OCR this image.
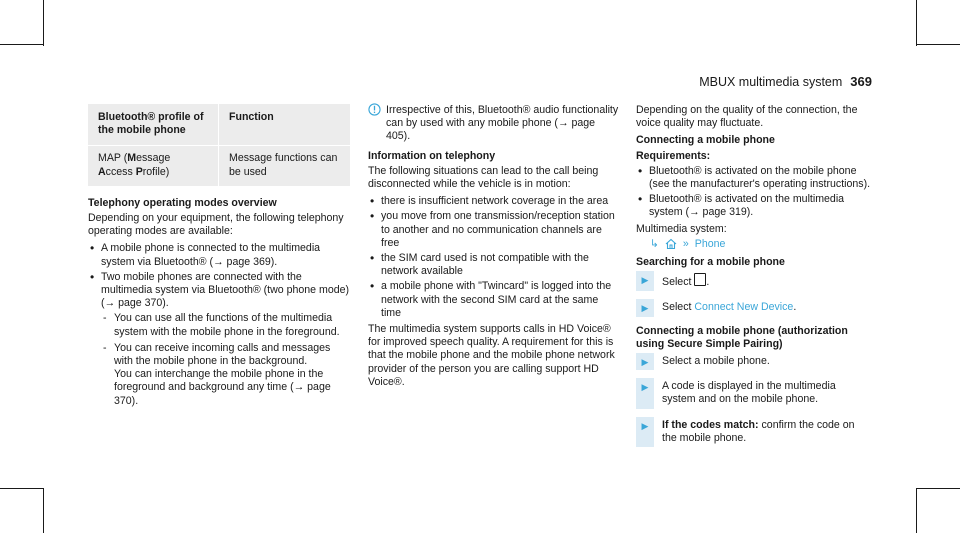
MBUX multimedia system 369
Bluetooth® profile of the mobile phone	Function
MAP (Message
Access Profile)	Message functions can be used
Telephony operating modes overview

Depending on your equipment, the following telephony operating modes are available:

• A mobile phone is connected to the multimedia system via Bluetooth® (→ page 369).
• Two mobile phones are connected with the multimedia system via Bluetooth® (two phone mode) (→ page 370).
- You can use all the functions of the multimedia system with the mobile phone in the foreground.
- You can receive incoming calls and messages with the mobile phone in the background.
You can interchange the mobile phone in the foreground and background any time (→ page 370).
Irrespective of this, Bluetooth® audio functionality can by used with any mobile phone (→ page 405).
Information on telephony

The following situations can lead to the call being disconnected while the vehicle is in motion:

• there is insufficient network coverage in the area
• you move from one transmission/reception station to another and no communication channels are free
• the SIM card used is not compatible with the network available
• a mobile phone with "Twincard" is logged into the network with the second SIM card at the same time

The multimedia system supports calls in HD Voice® for improved speech quality. A requirement for this is that the mobile phone and the mobile phone network provider of the person you are calling support HD Voice®.

Depending on the quality of the connection, the voice quality may fluctuate.

Connecting a mobile phone
Requirements:
• Bluetooth® is activated on the mobile phone (see the manufacturer's operating instructions).
• Bluetooth® is activated on the multimedia system (→ page 319).

Multimedia system:

↳ » Phone
Searching for a mobile phone
▶	Select .
▶	Select Connect New Device.
Connecting a mobile phone (authorization using Secure Simple Pairing)
▶	Select a mobile phone.
▶	A code is displayed in the multimedia system and on the mobile phone.
▶	If the codes match: confirm the code on the mobile phone.
